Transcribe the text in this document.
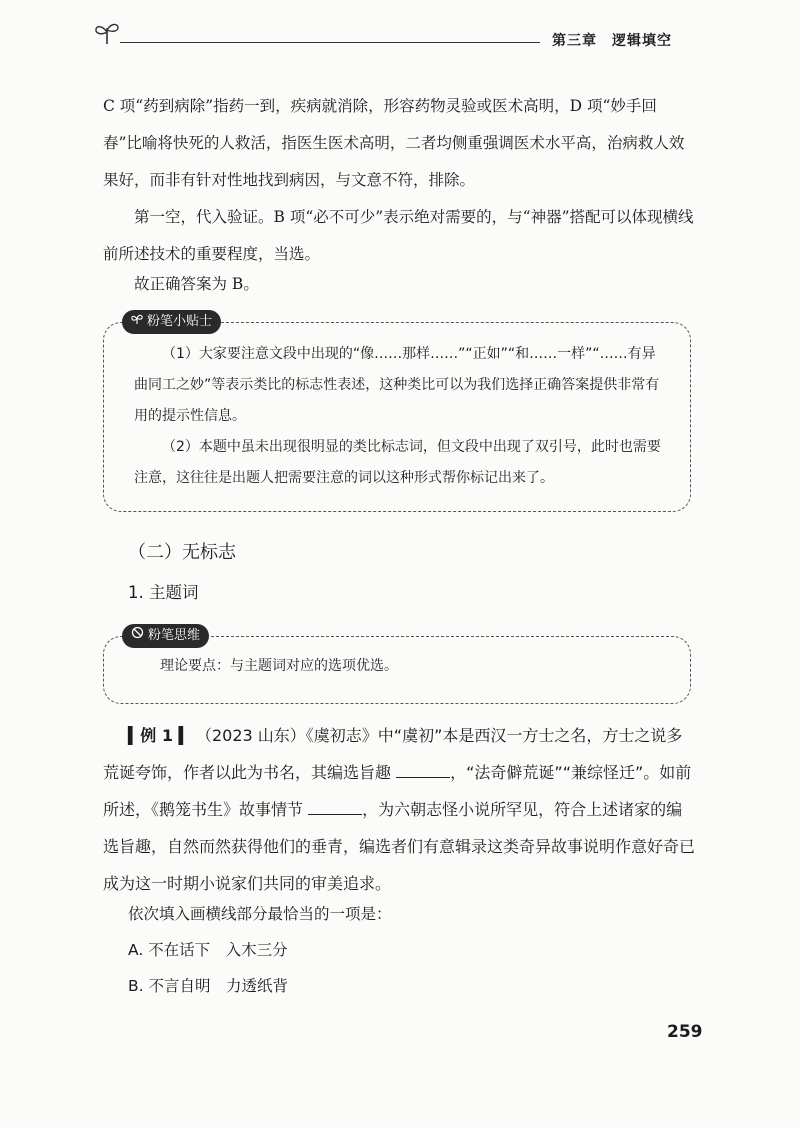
第三章　逻辑填空

C 项“药到病除”指药一到，疾病就消除，形容药物灵验或医术高明，D 项“妙手回春”比喻将快死的人救活，指医生医术高明，二者均侧重强调医术水平高，治病救人效果好，而非有针对性地找到病因，与文意不符，排除。

第一空，代入验证。B 项“必不可少”表示绝对需要的，与“神器”搭配可以体现横线前所述技术的重要程度，当选。

故正确答案为 B。

粉笔小贴士

（1）大家要注意文段中出现的“像……那样……”“正如”“和……一样”“……有异曲同工之妙”等表示类比的标志性表述，这种类比可以为我们选择正确答案提供非常有用的提示性信息。

（2）本题中虽未出现很明显的类比标志词，但文段中出现了双引号，此时也需要注意，这往往是出题人把需要注意的词以这种形式帮你标记出来了。

（二）无标志
1. 主题词
粉笔思维
理论要点：与主题词对应的选项优选。

▍例 1 ▍ （2023 山东）《虞初志》中“虞初”本是西汉一方士之名，方士之说多荒诞夸饰，作者以此为书名，其编选旨趣	，“法奇僻荒诞”“兼综怪迁”。如前所述，《鹅笼书生》故事情节	，为六朝志怪小说所罕见，符合上述诸家的编选旨趣，自然而然获得他们的垂青，编选者们有意辑录这类奇异故事说明作意好奇已成为这一时期小说家们共同的审美追求。

依次填入画横线部分最恰当的一项是：
A. 不在话下　入木三分
B. 不言自明　力透纸背
259
